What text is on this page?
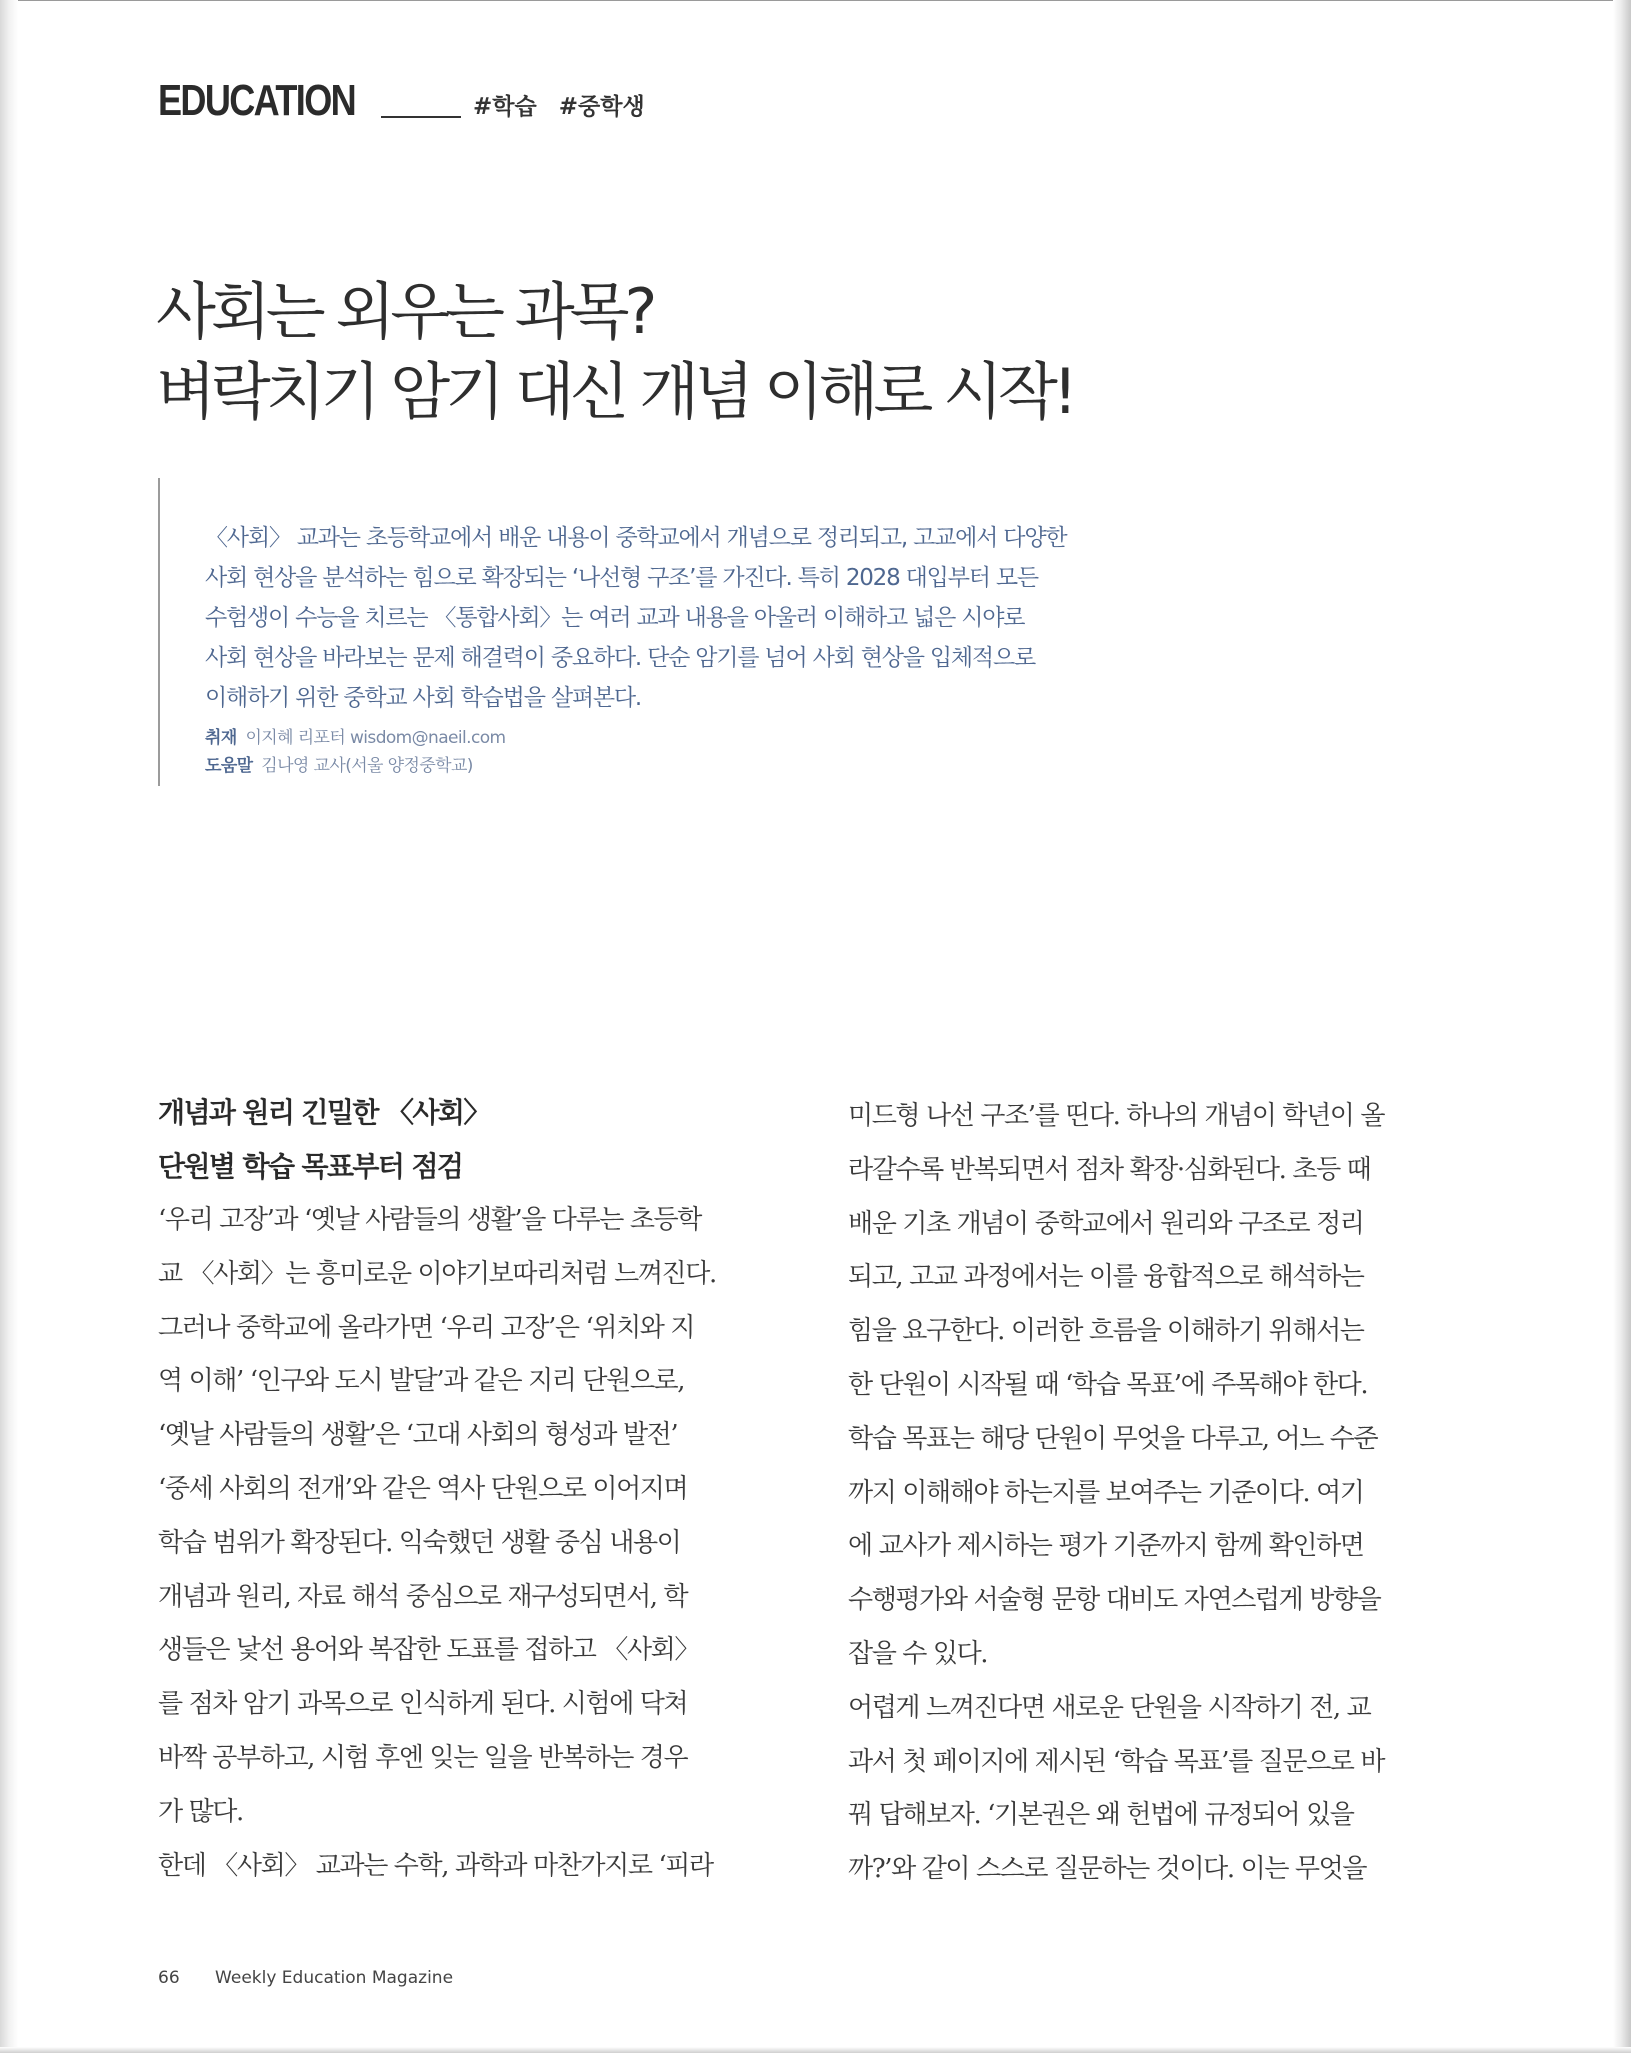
EDUCATION	#학습 #중학생
사회는 외우는 과목?
벼락치기 암기 대신 개념 이해로 시작!
〈사회〉 교과는 초등학교에서 배운 내용이 중학교에서 개념으로 정리되고, 고교에서 다양한
사회 현상을 분석하는 힘으로 확장되는 ‘나선형 구조’를 가진다. 특히 2028 대입부터 모든
수험생이 수능을 치르는 〈통합사회〉는 여러 교과 내용을 아울러 이해하고 넓은 시야로
사회 현상을 바라보는 문제 해결력이 중요하다. 단순 암기를 넘어 사회 현상을 입체적으로
이해하기 위한 중학교 사회 학습법을 살펴본다.
취재 이지혜 리포터 wisdom@naeil.com
도움말 김나영 교사(서울 양정중학교)
개념과 원리 긴밀한 〈사회〉
단원별 학습 목표부터 점검
‘우리 고장’과 ‘옛날 사람들의 생활’을 다루는 초등학
교 〈사회〉는 흥미로운 이야기보따리처럼 느껴진다.
그러나 중학교에 올라가면 ‘우리 고장’은 ‘위치와 지
역 이해’ ‘인구와 도시 발달’과 같은 지리 단원으로,
‘옛날 사람들의 생활’은 ‘고대 사회의 형성과 발전’
‘중세 사회의 전개’와 같은 역사 단원으로 이어지며
학습 범위가 확장된다. 익숙했던 생활 중심 내용이
개념과 원리, 자료 해석 중심으로 재구성되면서, 학
생들은 낯선 용어와 복잡한 도표를 접하고 〈사회〉
를 점차 암기 과목으로 인식하게 된다. 시험에 닥쳐
바짝 공부하고, 시험 후엔 잊는 일을 반복하는 경우
가 많다.
한데 〈사회〉 교과는 수학, 과학과 마찬가지로 ‘피라
미드형 나선 구조’를 띤다. 하나의 개념이 학년이 올
라갈수록 반복되면서 점차 확장·심화된다. 초등 때
배운 기초 개념이 중학교에서 원리와 구조로 정리
되고, 고교 과정에서는 이를 융합적으로 해석하는
힘을 요구한다. 이러한 흐름을 이해하기 위해서는
한 단원이 시작될 때 ‘학습 목표’에 주목해야 한다.
학습 목표는 해당 단원이 무엇을 다루고, 어느 수준
까지 이해해야 하는지를 보여주는 기준이다. 여기
에 교사가 제시하는 평가 기준까지 함께 확인하면
수행평가와 서술형 문항 대비도 자연스럽게 방향을
잡을 수 있다.
어렵게 느껴진다면 새로운 단원을 시작하기 전, 교
과서 첫 페이지에 제시된 ‘학습 목표’를 질문으로 바
꿔 답해보자. ‘기본권은 왜 헌법에 규정되어 있을
까?’와 같이 스스로 질문하는 것이다. 이는 무엇을
66 Weekly Education Magazine
